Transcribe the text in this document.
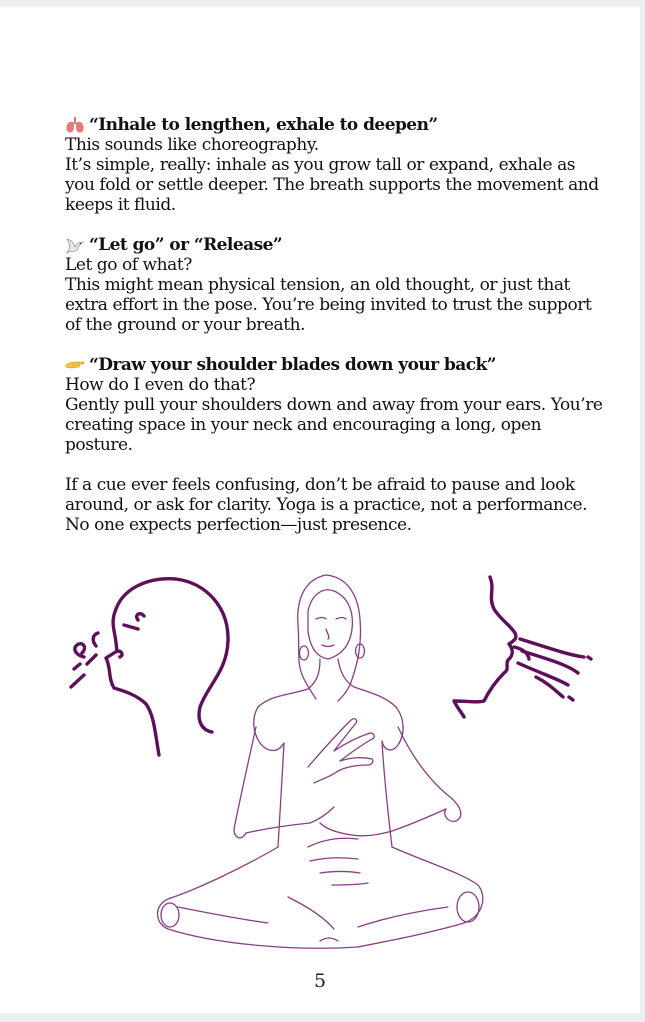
“Inhale to lengthen, exhale to deepen”
This sounds like choreography.
It’s simple, really: inhale as you grow tall or expand, exhale as you fold or settle deeper. The breath supports the movement and keeps it fluid.
“Let go” or “Release”
Let go of what?
This might mean physical tension, an old thought, or just that extra effort in the pose. You’re being invited to trust the support of the ground or your breath.
“Draw your shoulder blades down your back”
How do I even do that?
Gently pull your shoulders down and away from your ears. You’re creating space in your neck and encouraging a long, open posture.

If a cue ever feels confusing, don’t be afraid to pause and look around, or ask for clarity. Yoga is a practice, not a performance. No one expects perfection—just presence.

5
